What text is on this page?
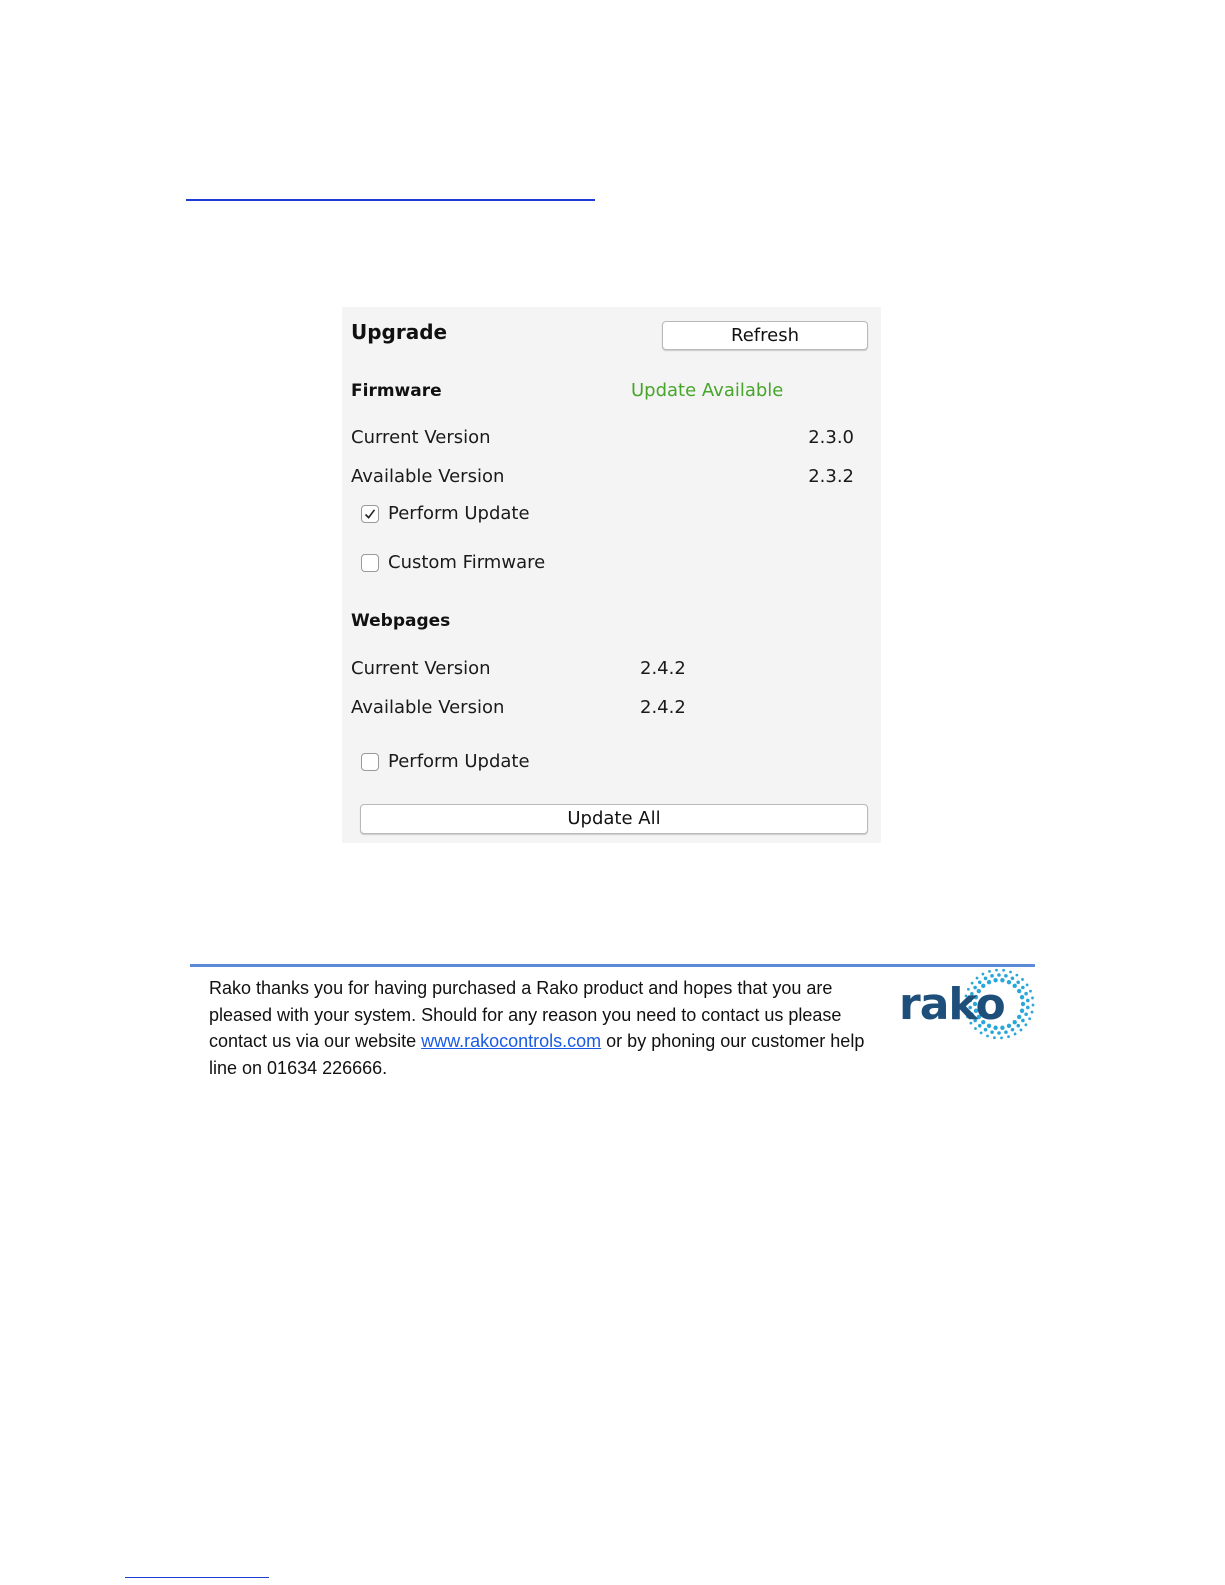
Upgrade	Refresh
Firmware	Update Available
Current Version	2.3.0
Available Version	2.3.2
Perform Update
Custom Firmware
Webpages
Current Version	2.4.2
Available Version	2.4.2
Perform Update
Update All
Rako thanks you for having purchased a Rako product and hopes that you are pleased with your system. Should for any reason you need to contact us please contact us via our website www.rakocontrols.com or by phoning our customer help line on 01634 226666.
rako
